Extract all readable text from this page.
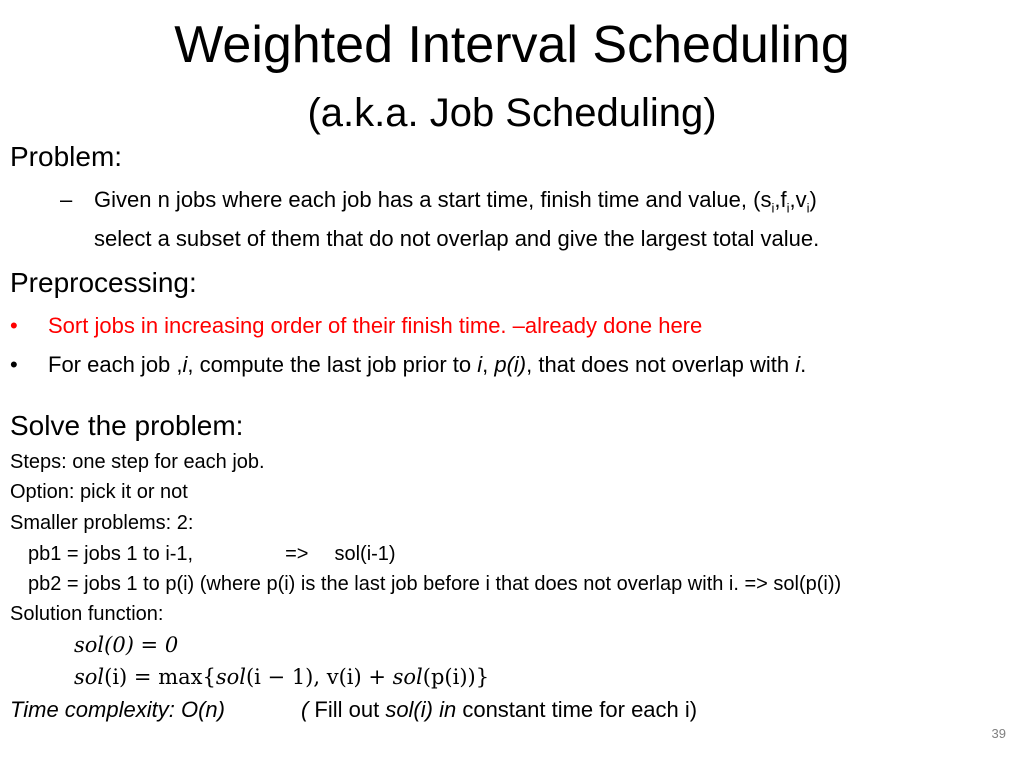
Weighted Interval Scheduling
(a.k.a. Job Scheduling)
Problem:
– Given n jobs where each job has a start time, finish time and value, $(s_i,f_i,v_i)$
select a subset of them that do not overlap and give the largest total value.
Preprocessing:
• Sort jobs in increasing order of their finish time. –already done here
• For each job ,i, compute the last job prior to i, p(i), that does not overlap with i.
Solve the problem:
Steps: one step for each job.
Option: pick it or not
Smaller problems: 2:
pb1 = jobs 1 to i-1,	=> sol(i-1)
pb2 = jobs 1 to p(i) (where p(i) is the last job before i that does not overlap with i. => sol(p(i))
Solution function:
sol(0) = 0
sol(i) = max{sol(i − 1), v(i) + sol(p(i))}
Time complexity: O(n)	( Fill out sol(i) in constant time for each i)
39
